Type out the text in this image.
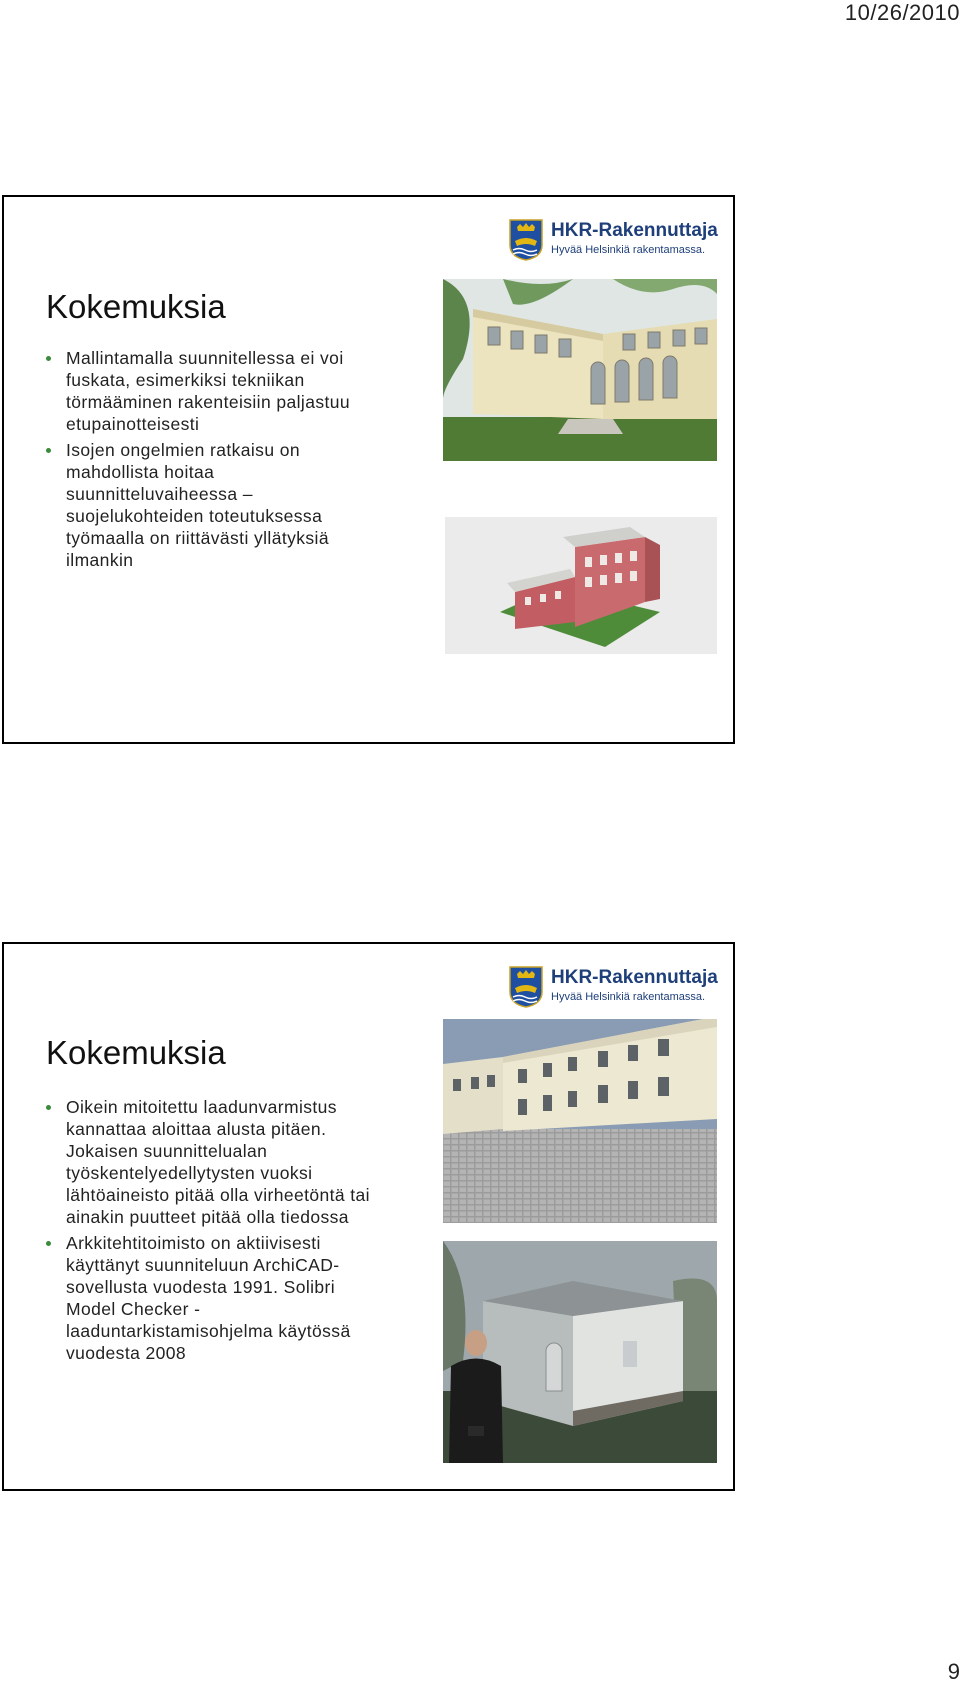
10/26/2010
HKR-Rakennuttaja
Hyvää Helsinkiä rakentamassa.
Kokemuksia
Mallintamalla suunnitellessa ei voi
fuskata, esimerkiksi tekniikan
törmääminen rakenteisiin paljastuu
etupainotteisesti
Isojen ongelmien ratkaisu on
mahdollista hoitaa
suunnitteluvaiheessa –
suojelukohteiden toteutuksessa
työmaalla on riittävästi yllätyksiä
ilmankin
HKR-Rakennuttaja
Hyvää Helsinkiä rakentamassa.
Kokemuksia
Oikein mitoitettu laadunvarmistus
kannattaa aloittaa alusta pitäen.
Jokaisen suunnittelualan
työskentelyedellytysten vuoksi
lähtöaineisto pitää olla virheetöntä tai
ainakin puutteet pitää olla tiedossa
Arkkitehtitoimisto on aktiivisesti
käyttänyt suunniteluun ArchiCAD-
sovellusta vuodesta 1991. Solibri
Model Checker -
laaduntarkistamisohjelma käytössä
vuodesta 2008
9
